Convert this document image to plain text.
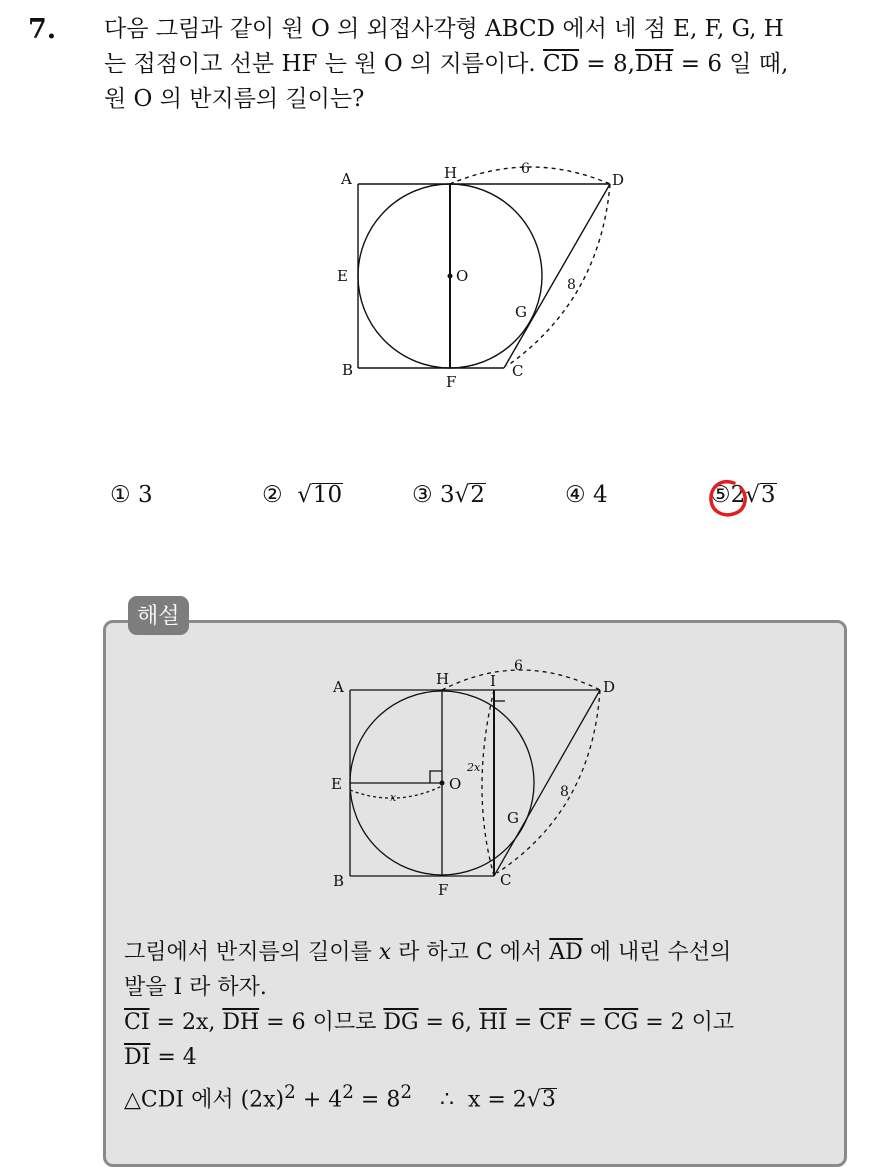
7. 다음 그림과 같이 원 O 의 외접사각형 ABCD 에서 네 점 E, F, G, H
는 접점이고 선분 HF 는 원 O 의 지름이다. $\overline{CD} = 8,\overline{DH} = 6$ 일 때,
원 O 의 반지름의 길이는?
A	H	D
E	O
G
B
F
C
6
8
① 3	②  √10	③ 3√2	④ 4	⑤2√3
해설
A	H	I	D
E	O
G
B	F
C
6
8
x
2x
그림에서 반지름의 길이를 x 라 하고 C 에서 $\overline{AD}$ 에 내린 수선의
발을 I 라 하자.
$\overline{CI} = 2x$, $\overline{DH} = 6$ 이므로 $\overline{DG} = 6$, $\overline{HI} = \overline{CF} = \overline{CG} = 2$ 이고
$\overline{DI} = 4$
△CDI 에서 $(2x)^2 + 4^2 = 8^2$    ∴  x = 2√3
